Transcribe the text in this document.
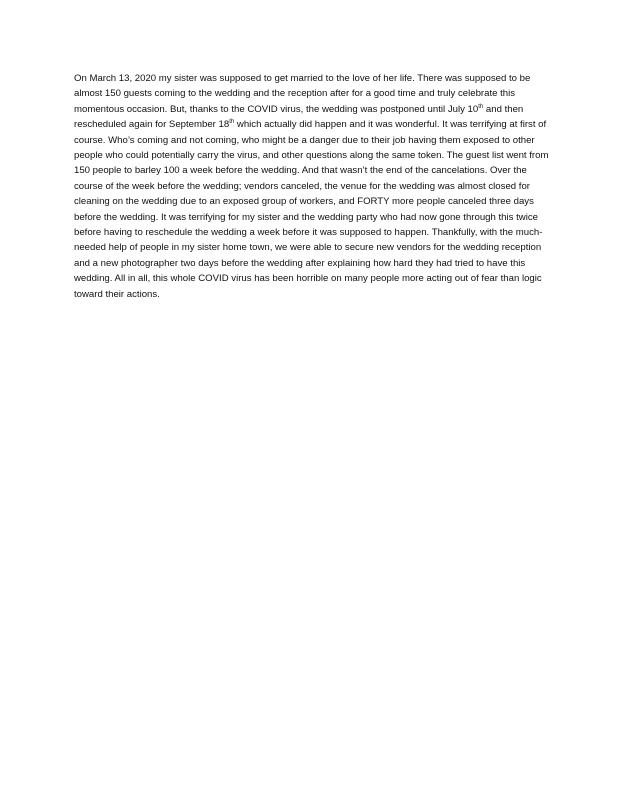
On March 13, 2020 my sister was supposed to get married to the love of her life. There was supposed to be almost 150 guests coming to the wedding and the reception after for a good time and truly celebrate this momentous occasion. But, thanks to the COVID virus, the wedding was postponed until July 10th and then rescheduled again for September 18th which actually did happen and it was wonderful. It was terrifying at first of course. Who’s coming and not coming, who might be a danger due to their job having them exposed to other people who could potentially carry the virus, and other questions along the same token. The guest list went from 150 people to barley 100 a week before the wedding. And that wasn’t the end of the cancelations. Over the course of the week before the wedding; vendors canceled, the venue for the wedding was almost closed for cleaning on the wedding due to an exposed group of workers, and FORTY more people canceled three days before the wedding. It was terrifying for my sister and the wedding party who had now gone through this twice before having to reschedule the wedding a week before it was supposed to happen. Thankfully, with the much-needed help of people in my sister home town, we were able to secure new vendors for the wedding reception and a new photographer two days before the wedding after explaining how hard they had tried to have this wedding. All in all, this whole COVID virus has been horrible on many people more acting out of fear than logic toward their actions.
